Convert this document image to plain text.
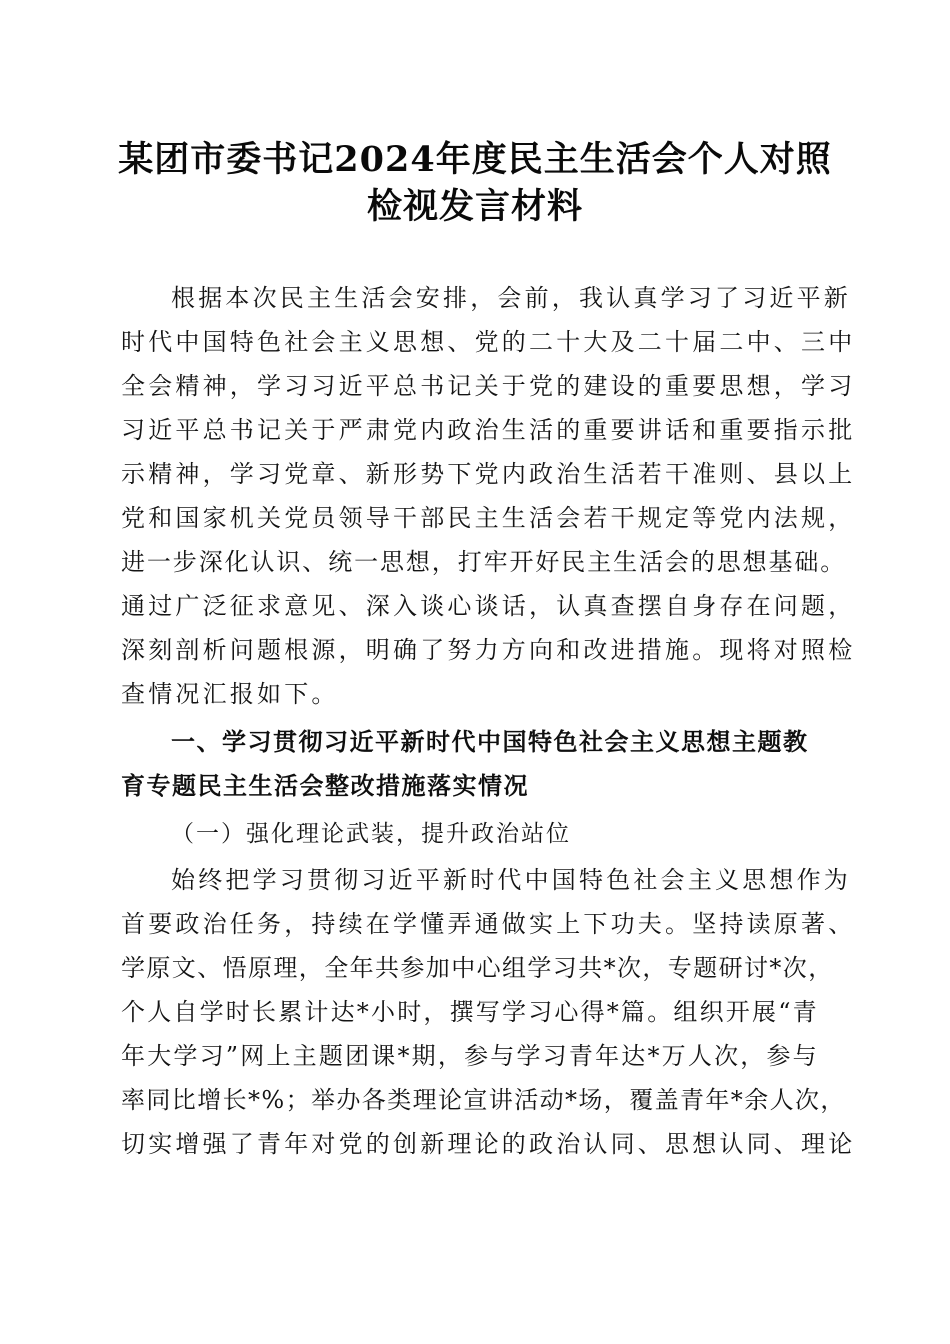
某团市委书记2024年度民主生活会个人对照
检视发言材料
根据本次民主生活会安排，会前，我认真学习了习近平新
时代中国特色社会主义思想、党的二十大及二十届二中、三中
全会精神，学习习近平总书记关于党的建设的重要思想，学习
习近平总书记关于严肃党内政治生活的重要讲话和重要指示批
示精神，学习党章、新形势下党内政治生活若干准则、县以上
党和国家机关党员领导干部民主生活会若干规定等党内法规，
进一步深化认识、统一思想，打牢开好民主生活会的思想基础。
通过广泛征求意见、深入谈心谈话，认真查摆自身存在问题，
深刻剖析问题根源，明确了努力方向和改进措施。现将对照检
查情况汇报如下。
一、学习贯彻习近平新时代中国特色社会主义思想主题教
育专题民主生活会整改措施落实情况
（一）强化理论武装，提升政治站位
始终把学习贯彻习近平新时代中国特色社会主义思想作为
首要政治任务，持续在学懂弄通做实上下功夫。坚持读原著、
学原文、悟原理，全年共参加中心组学习共*次，专题研讨*次，
个人自学时长累计达*小时，撰写学习心得*篇。组织开展“青
年大学习”网上主题团课*期，参与学习青年达*万人次，参与
率同比增长*%；举办各类理论宣讲活动*场，覆盖青年*余人次，
切实增强了青年对党的创新理论的政治认同、思想认同、理论
